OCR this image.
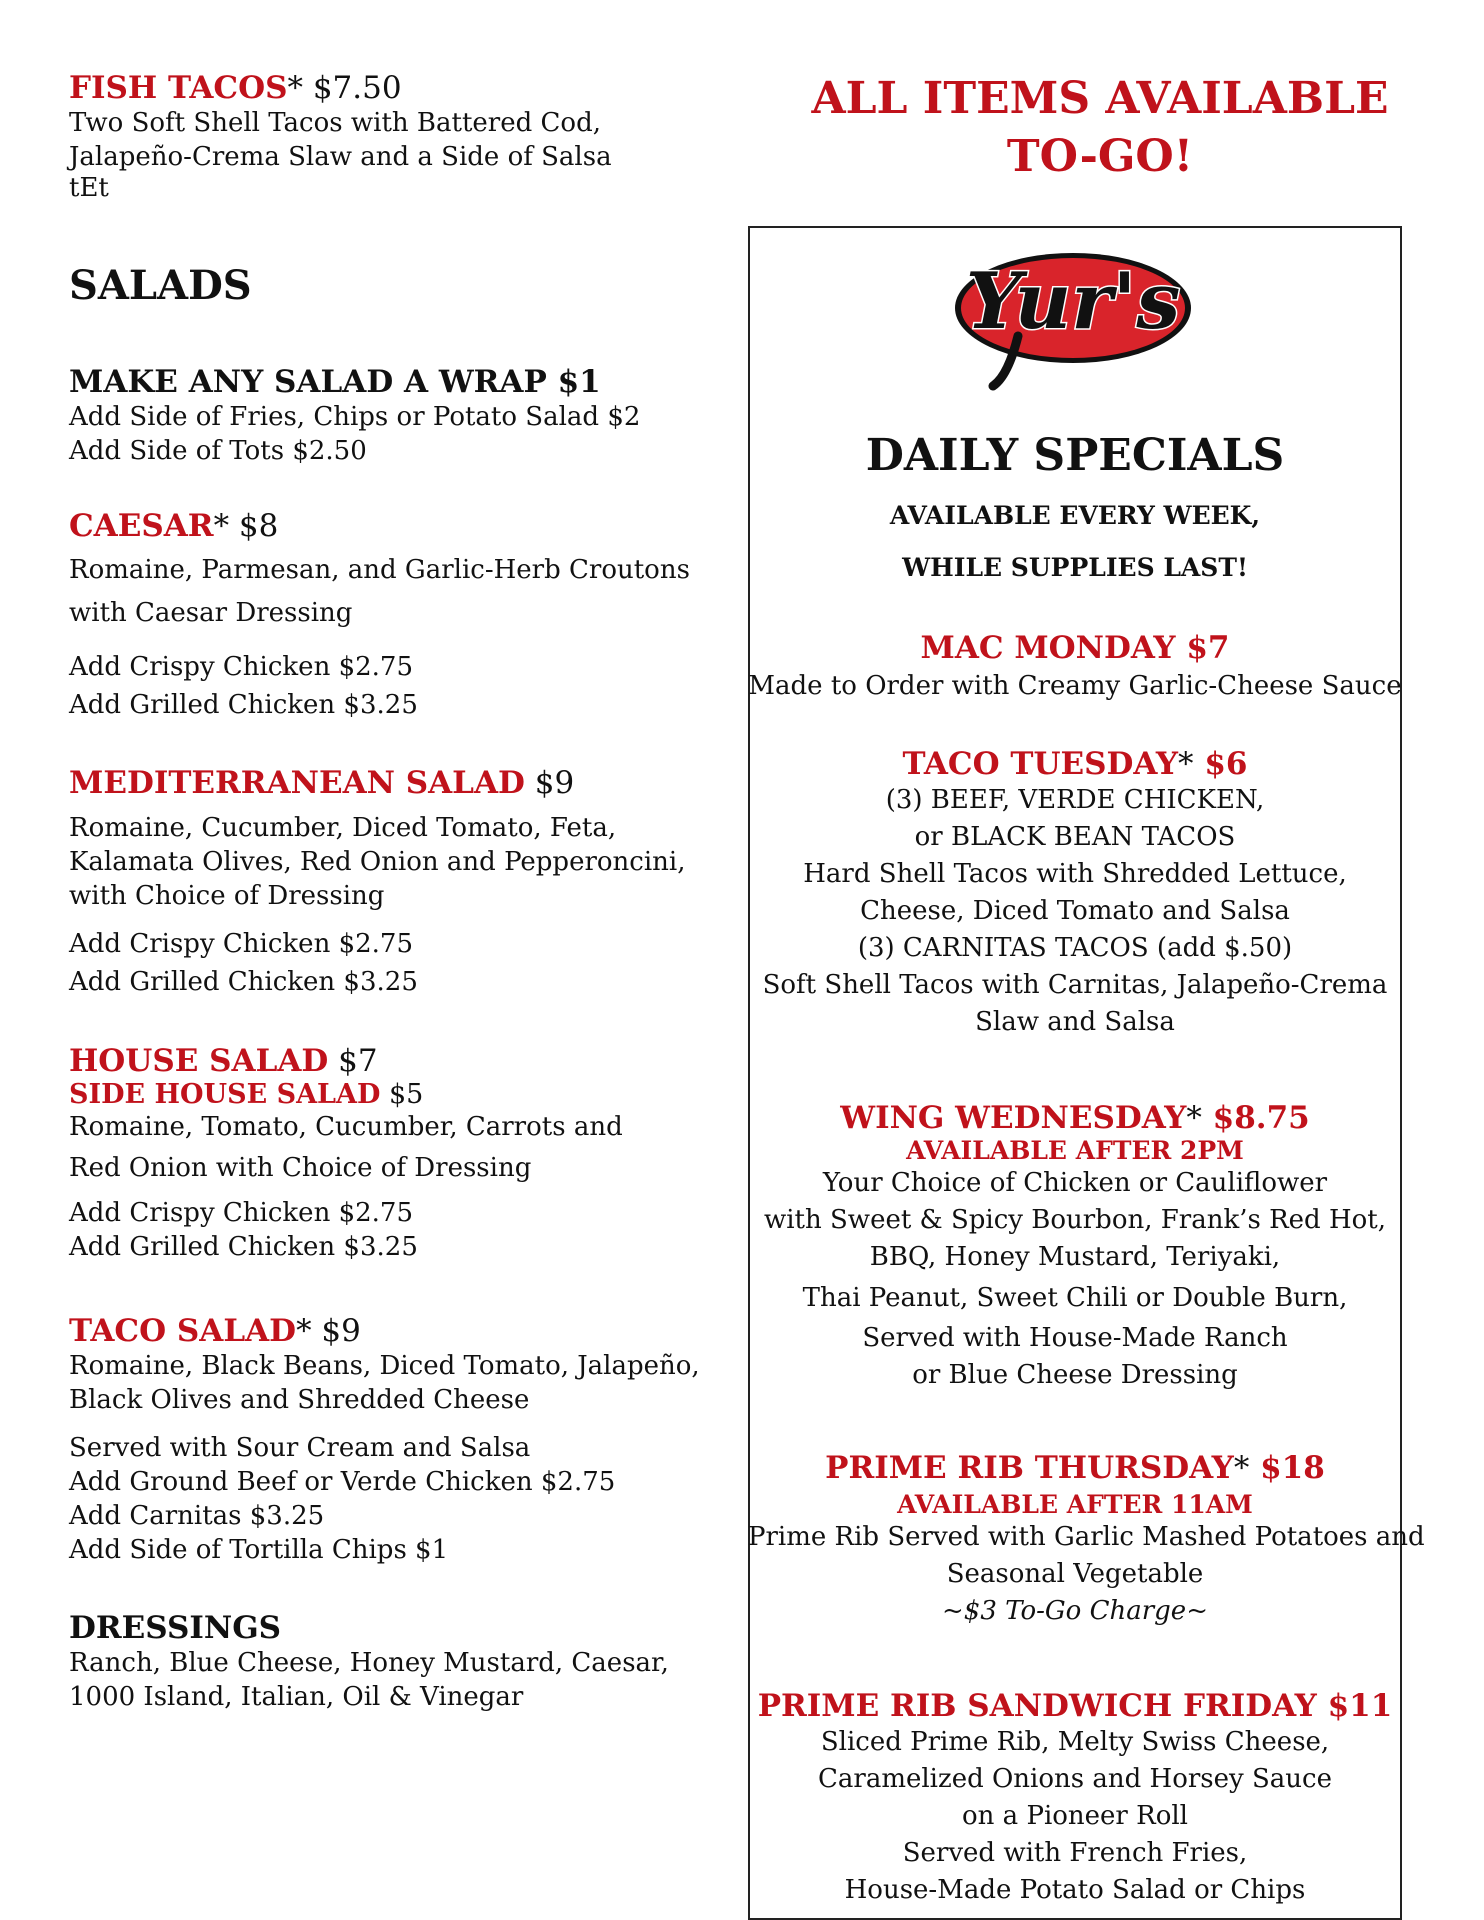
FISH TACOS* $7.50
Two Soft Shell Tacos with Battered Cod,
Jalapeño-Crema Slaw and a Side of Salsa
tEt
SALADS
MAKE ANY SALAD A WRAP $1
Add Side of Fries, Chips or Potato Salad $2
Add Side of Tots $2.50
CAESAR* $8
Romaine, Parmesan, and Garlic-Herb Croutons
with Caesar Dressing
Add Crispy Chicken $2.75
Add Grilled Chicken $3.25
MEDITERRANEAN SALAD $9
Romaine, Cucumber, Diced Tomato, Feta,
Kalamata Olives, Red Onion and Pepperoncini,
with Choice of Dressing
Add Crispy Chicken $2.75
Add Grilled Chicken $3.25
HOUSE SALAD $7
SIDE HOUSE SALAD $5
Romaine, Tomato, Cucumber, Carrots and
Red Onion with Choice of Dressing
Add Crispy Chicken $2.75
Add Grilled Chicken $3.25
TACO SALAD* $9
Romaine, Black Beans, Diced Tomato, Jalapeño,
Black Olives and Shredded Cheese
Served with Sour Cream and Salsa
Add Ground Beef or Verde Chicken $2.75
Add Carnitas $3.25
Add Side of Tortilla Chips $1
DRESSINGS
Ranch, Blue Cheese, Honey Mustard, Caesar,
1000 Island, Italian, Oil & Vinegar
ALL ITEMS AVAILABLE
TO-GO!
Yur's
DAILY SPECIALS
AVAILABLE EVERY WEEK,
WHILE SUPPLIES LAST!
MAC MONDAY $7
Made to Order with Creamy Garlic-Cheese Sauce
TACO TUESDAY* $6
(3) BEEF, VERDE CHICKEN,
or BLACK BEAN TACOS
Hard Shell Tacos with Shredded Lettuce,
Cheese, Diced Tomato and Salsa
(3) CARNITAS TACOS (add $.50)
Soft Shell Tacos with Carnitas, Jalapeño-Crema
Slaw and Salsa
WING WEDNESDAY* $8.75
AVAILABLE AFTER 2PM
Your Choice of Chicken or Cauliflower
with Sweet & Spicy Bourbon, Frank’s Red Hot,
BBQ, Honey Mustard, Teriyaki,
Thai Peanut, Sweet Chili or Double Burn,
Served with House-Made Ranch
or Blue Cheese Dressing
PRIME RIB THURSDAY* $18
AVAILABLE AFTER 11AM
Prime Rib Served with Garlic Mashed Potatoes and
Seasonal Vegetable
~$3 To-Go Charge~
PRIME RIB SANDWICH FRIDAY $11
Sliced Prime Rib, Melty Swiss Cheese,
Caramelized Onions and Horsey Sauce
on a Pioneer Roll
Served with French Fries,
House-Made Potato Salad or Chips
